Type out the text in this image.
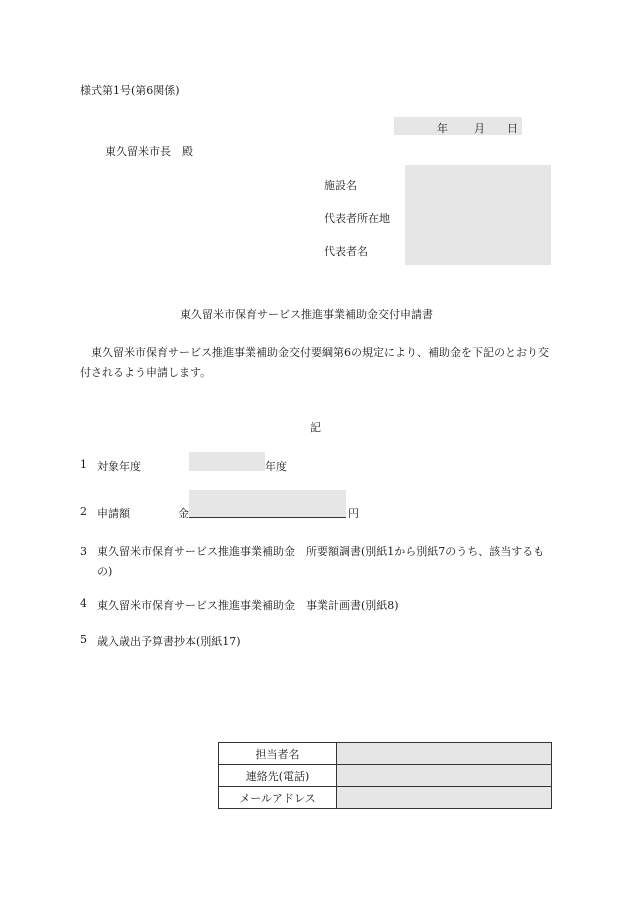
様式第1号(第6関係)
年 月 日
東久留米市長　殿
施設名
代表者所在地
代表者名
東久留米市保育サービス推進事業補助金交付申請書
東久留米市保育サービス推進事業補助金交付要綱第6の規定により、補助金を下記のとおり交付されるよう申請します。
記
1 対象年度	年度
2 申請額	金	円
3 東久留米市保育サービス推進事業補助金　所要額調書(別紙1から別紙7のうち、該当するもの)
4 東久留米市保育サービス推進事業補助金　事業計画書(別紙8)
5 歳入歳出予算書抄本(別紙17)
担当者名	
連絡先(電話)	
メールアドレス	
